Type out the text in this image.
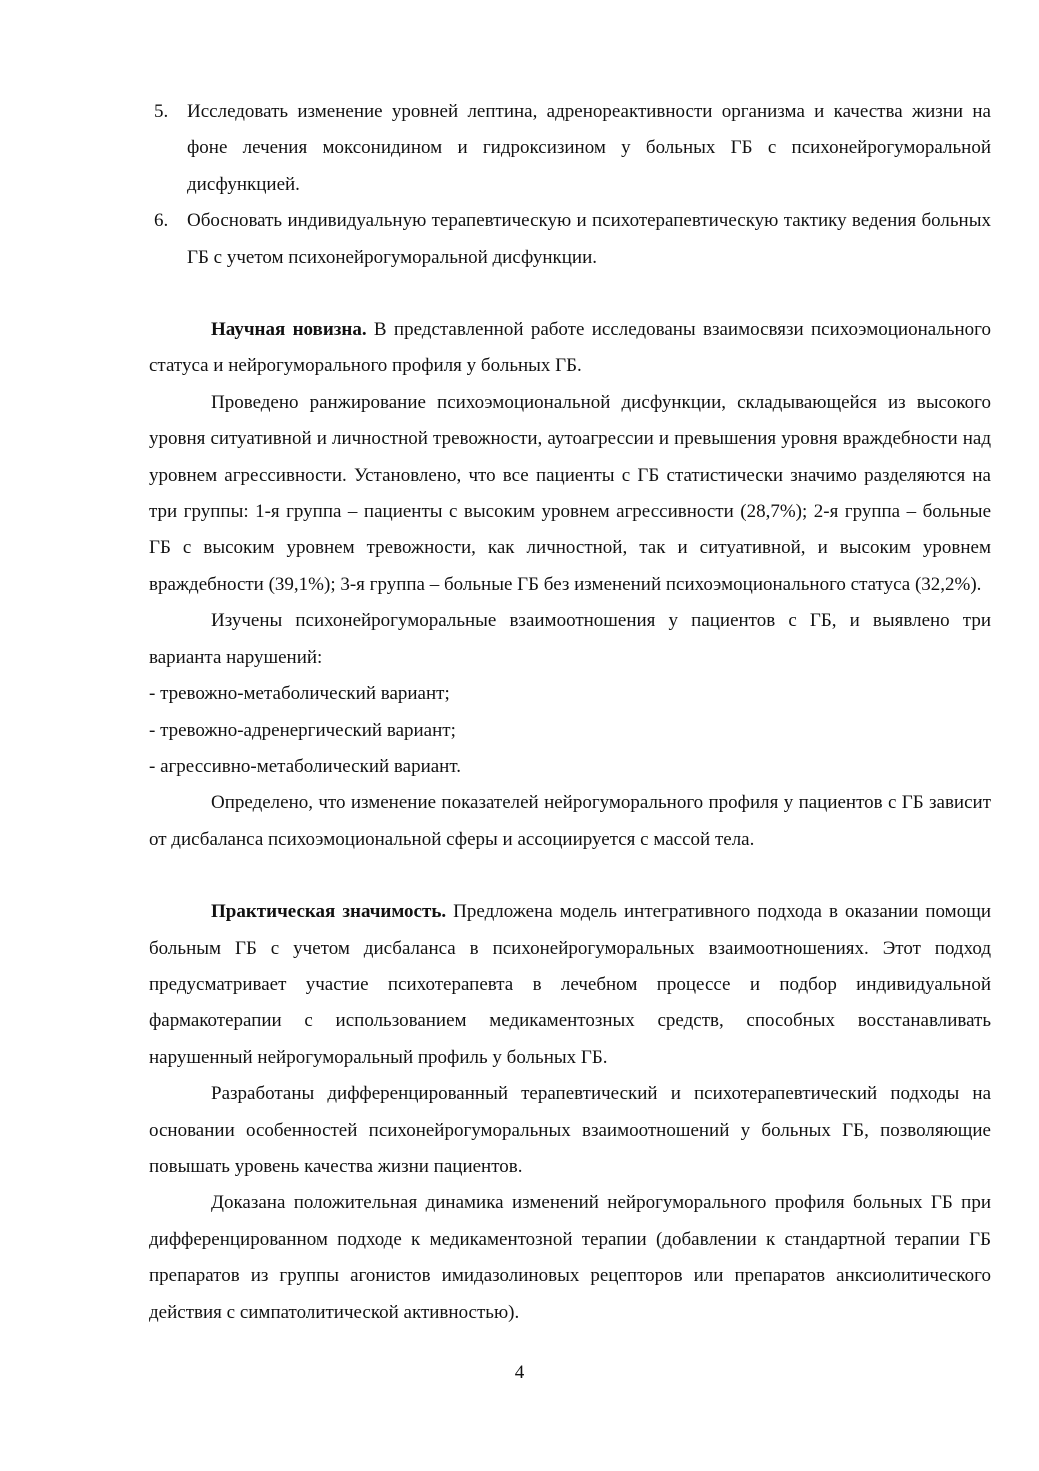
5. Исследовать изменение уровней лептина, адренореактивности организма и качества жизни на фоне лечения моксонидином и гидроксизином у больных ГБ с психонейрогуморальной дисфункцией.
6. Обосновать индивидуальную терапевтическую и психотерапевтическую тактику ведения больных ГБ с учетом психонейрогуморальной дисфункции.

Научная новизна. В представленной работе исследованы взаимосвязи психоэмоционального статуса и нейрогуморального профиля у больных ГБ.

Проведено ранжирование психоэмоциональной дисфункции, складывающейся из высокого уровня ситуативной и личностной тревожности, аутоагрессии и превышения уровня враждебности над уровнем агрессивности. Установлено, что все пациенты с ГБ статистически значимо разделяются на три группы: 1-я группа – пациенты с высоким уровнем агрессивности (28,7%); 2-я группа – больные ГБ с высоким уровнем тревожности, как личностной, так и ситуативной, и высоким уровнем враждебности (39,1%); 3-я группа – больные ГБ без изменений психоэмоционального статуса (32,2%).

Изучены психонейрогуморальные взаимоотношения у пациентов с ГБ, и выявлено три варианта нарушений:

- тревожно-метаболический вариант;

- тревожно-адренергический вариант;

- агрессивно-метаболический вариант.

Определено, что изменение показателей нейрогуморального профиля у пациентов с ГБ зависит от дисбаланса психоэмоциональной сферы и ассоциируется с массой тела.

Практическая значимость. Предложена модель интегративного подхода в оказании помощи больным ГБ с учетом дисбаланса в психонейрогуморальных взаимоотношениях. Этот подход предусматривает участие психотерапевта в лечебном процессе и подбор индивидуальной фармакотерапии с использованием медикаментозных средств, способных восстанавливать нарушенный нейрогуморальный профиль у больных ГБ.

Разработаны дифференцированный терапевтический и психотерапевтический подходы на основании особенностей психонейрогуморальных взаимоотношений у больных ГБ, позволяющие повышать уровень качества жизни пациентов.

Доказана положительная динамика изменений нейрогуморального профиля больных ГБ при дифференцированном подходе к медикаментозной терапии (добавлении к стандартной терапии ГБ препаратов из группы агонистов имидазолиновых рецепторов или препаратов анксиолитического действия с симпатолитической активностью).

4
